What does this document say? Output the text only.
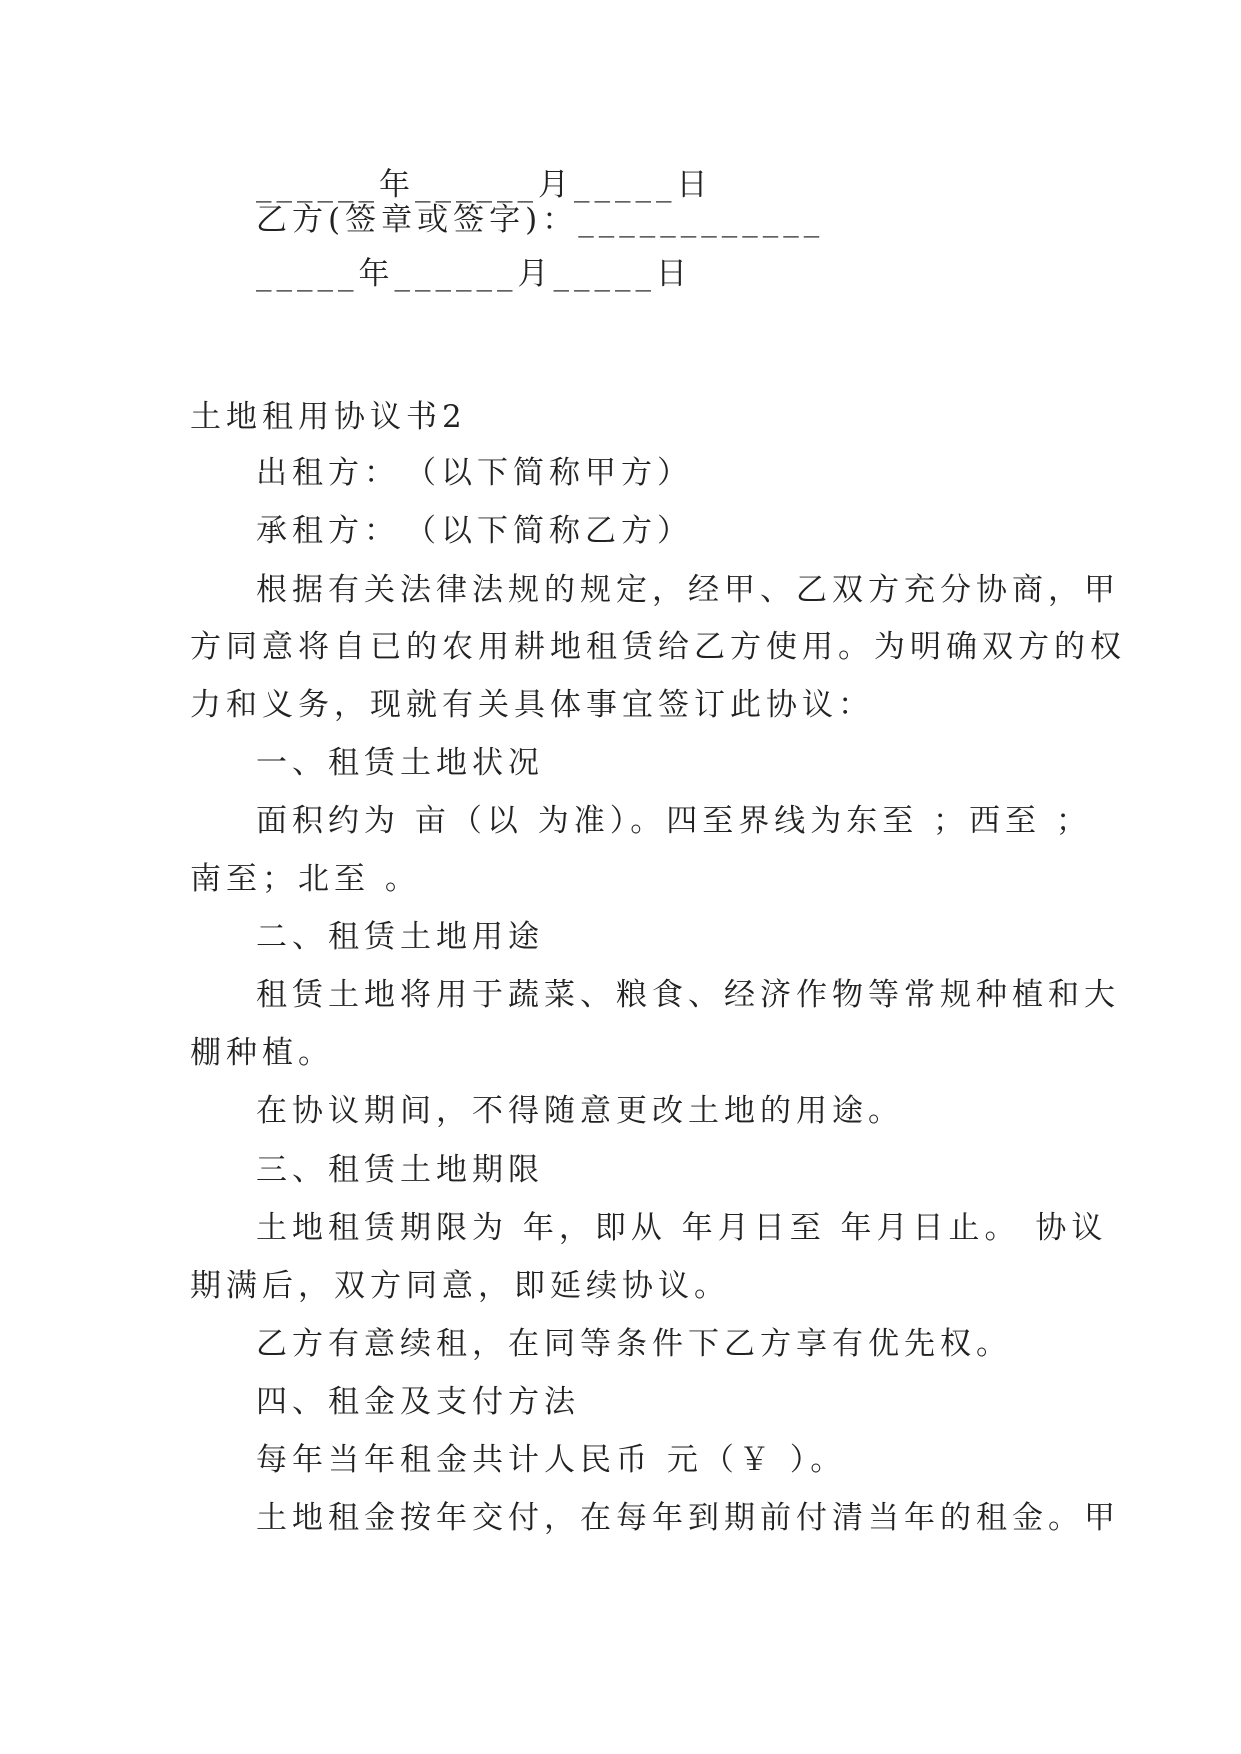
______年______月_____日
乙方(签章或签字)：____________
_____年______月_____日
土地租用协议书2
出租方：　（以下简称甲方）
承租方：　（以下简称乙方）
根据有关法律法规的规定，经甲、乙双方充分协商，甲
方同意将自已的农用耕地租赁给乙方使用。为明确双方的权
力和义务，现就有关具体事宜签订此协议：
一、租赁土地状况
面积约为 亩（以 为准）。四至界线为东至 ；西至 ；
南至；北至 。
二、租赁土地用途
租赁土地将用于蔬菜、粮食、经济作物等常规种植和大
棚种植。
在协议期间，不得随意更改土地的用途。
三、租赁土地期限
土地租赁期限为 年，即从 年月日至 年月日止。 协议
期满后，双方同意，即延续协议。
乙方有意续租，在同等条件下乙方享有优先权。
四、租金及支付方法
每年当年租金共计人民币 元（￥ ）。
土地租金按年交付，在每年到期前付清当年的租金。甲
